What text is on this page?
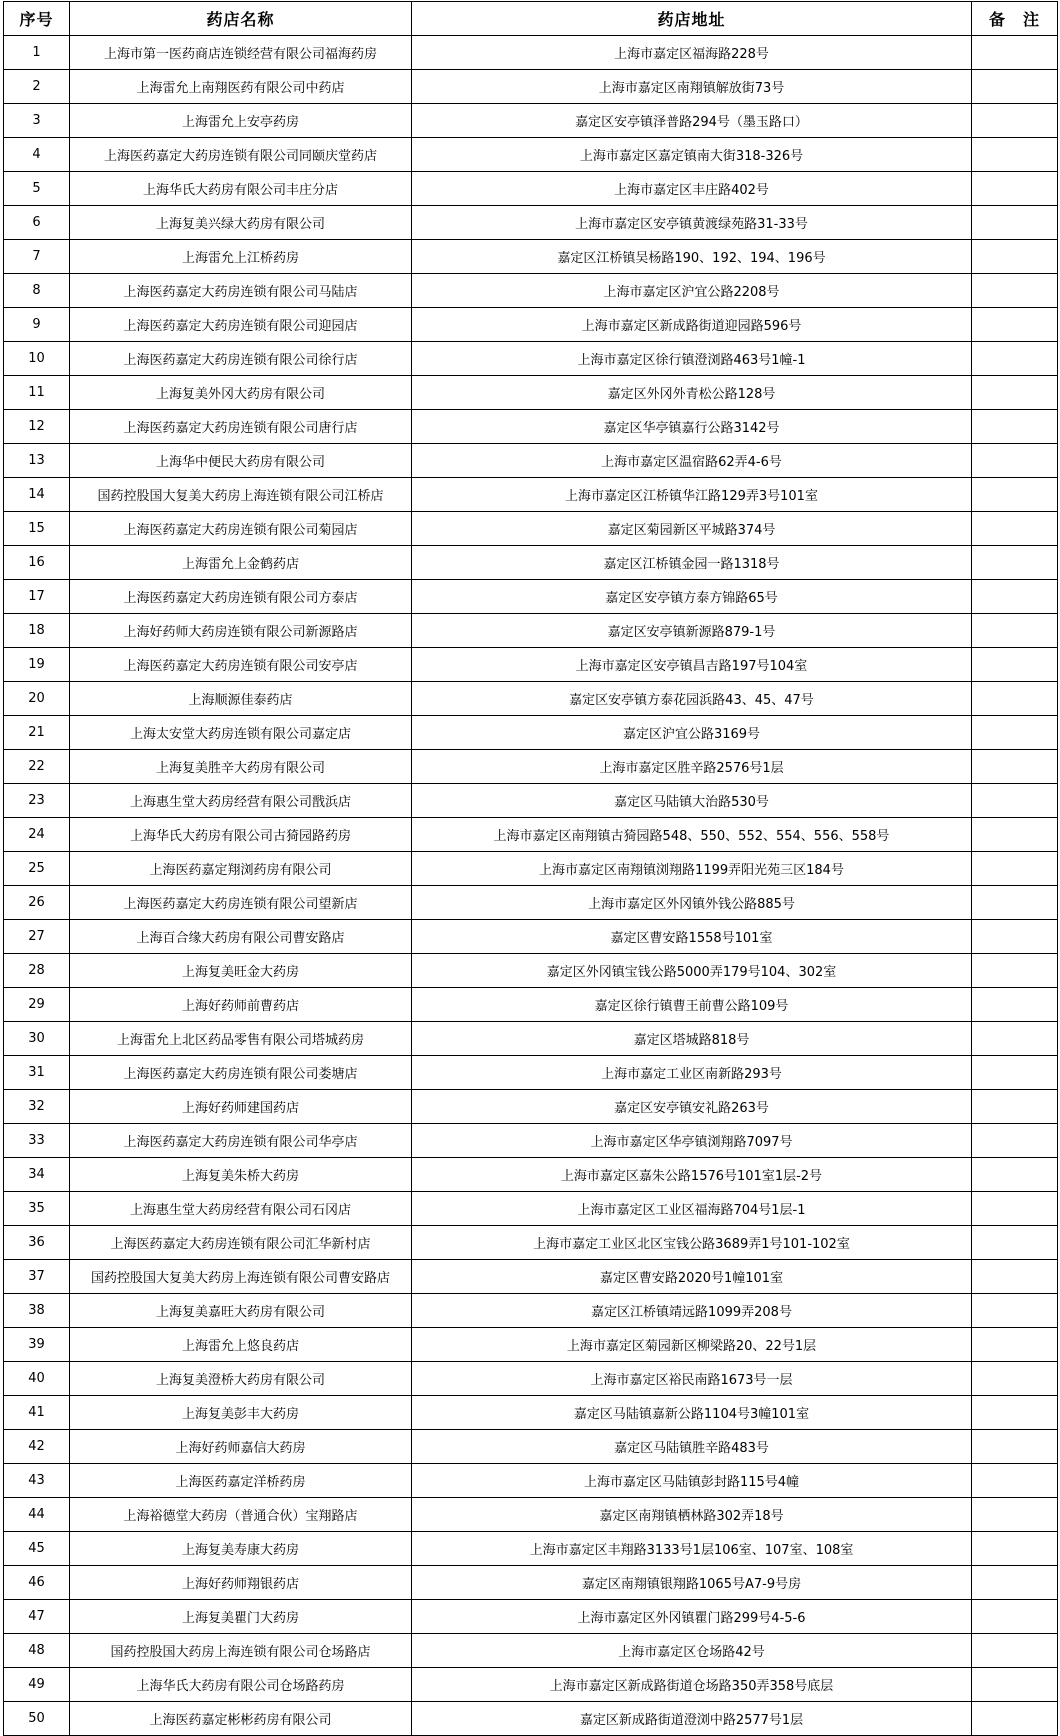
序号	药店名称	药店地址	备　注
1	上海市第一医药商店连锁经营有限公司福海药房	上海市嘉定区福海路228号	
2	上海雷允上南翔医药有限公司中药店	上海市嘉定区南翔镇解放街73号	
3	上海雷允上安亭药房	嘉定区安亭镇泽普路294号（墨玉路口）	
4	上海医药嘉定大药房连锁有限公司同颐庆堂药店	上海市嘉定区嘉定镇南大街318-326号	
5	上海华氏大药房有限公司丰庄分店	上海市嘉定区丰庄路402号	
6	上海复美兴绿大药房有限公司	上海市嘉定区安亭镇黄渡绿苑路31-33号	
7	上海雷允上江桥药房	嘉定区江桥镇吴杨路190、192、194、196号	
8	上海医药嘉定大药房连锁有限公司马陆店	上海市嘉定区沪宜公路2208号	
9	上海医药嘉定大药房连锁有限公司迎园店	上海市嘉定区新成路街道迎园路596号	
10	上海医药嘉定大药房连锁有限公司徐行店	上海市嘉定区徐行镇澄浏路463号1幢-1	
11	上海复美外冈大药房有限公司	嘉定区外冈外青松公路128号	
12	上海医药嘉定大药房连锁有限公司唐行店	嘉定区华亭镇嘉行公路3142号	
13	上海华中便民大药房有限公司	上海市嘉定区温宿路62弄4-6号	
14	国药控股国大复美大药房上海连锁有限公司江桥店	上海市嘉定区江桥镇华江路129弄3号101室	
15	上海医药嘉定大药房连锁有限公司菊园店	嘉定区菊园新区平城路374号	
16	上海雷允上金鹤药店	嘉定区江桥镇金园一路1318号	
17	上海医药嘉定大药房连锁有限公司方泰店	嘉定区安亭镇方泰方锦路65号	
18	上海好药师大药房连锁有限公司新源路店	嘉定区安亭镇新源路879-1号	
19	上海医药嘉定大药房连锁有限公司安亭店	上海市嘉定区安亭镇昌吉路197号104室	
20	上海顺源佳泰药店	嘉定区安亭镇方泰花园浜路43、45、47号	
21	上海太安堂大药房连锁有限公司嘉定店	嘉定区沪宜公路3169号	
22	上海复美胜辛大药房有限公司	上海市嘉定区胜辛路2576号1层	
23	上海惠生堂大药房经营有限公司戬浜店	嘉定区马陆镇大治路530号	
24	上海华氏大药房有限公司古猗园路药房	上海市嘉定区南翔镇古猗园路548、550、552、554、556、558号	
25	上海医药嘉定翔浏药房有限公司	上海市嘉定区南翔镇浏翔路1199弄阳光苑三区184号	
26	上海医药嘉定大药房连锁有限公司望新店	上海市嘉定区外冈镇外钱公路885号	
27	上海百合缘大药房有限公司曹安路店	嘉定区曹安路1558号101室	
28	上海复美旺金大药房	嘉定区外冈镇宝钱公路5000弄179号104、302室	
29	上海好药师前曹药店	嘉定区徐行镇曹王前曹公路109号	
30	上海雷允上北区药品零售有限公司塔城药房	嘉定区塔城路818号	
31	上海医药嘉定大药房连锁有限公司娄塘店	上海市嘉定工业区南新路293号	
32	上海好药师建国药店	嘉定区安亭镇安礼路263号	
33	上海医药嘉定大药房连锁有限公司华亭店	上海市嘉定区华亭镇浏翔路7097号	
34	上海复美朱桥大药房	上海市嘉定区嘉朱公路1576号101室1层-2号	
35	上海惠生堂大药房经营有限公司石冈店	上海市嘉定区工业区福海路704号1层-1	
36	上海医药嘉定大药房连锁有限公司汇华新村店	上海市嘉定工业区北区宝钱公路3689弄1号101-102室	
37	国药控股国大复美大药房上海连锁有限公司曹安路店	嘉定区曹安路2020号1幢101室	
38	上海复美嘉旺大药房有限公司	嘉定区江桥镇靖远路1099弄208号	
39	上海雷允上悠良药店	上海市嘉定区菊园新区柳梁路20、22号1层	
40	上海复美澄桥大药房有限公司	上海市嘉定区裕民南路1673号一层	
41	上海复美彭丰大药房	嘉定区马陆镇嘉新公路1104号3幢101室	
42	上海好药师嘉信大药房	嘉定区马陆镇胜辛路483号	
43	上海医药嘉定洋桥药房	上海市嘉定区马陆镇彭封路115号4幢	
44	上海裕德堂大药房（普通合伙）宝翔路店	嘉定区南翔镇栖林路302弄18号	
45	上海复美寿康大药房	上海市嘉定区丰翔路3133号1层106室、107室、108室	
46	上海好药师翔银药店	嘉定区南翔镇银翔路1065号A7-9号房	
47	上海复美瞿门大药房	上海市嘉定区外冈镇瞿门路299号4-5-6	
48	国药控股国大药房上海连锁有限公司仓场路店	上海市嘉定区仓场路42号	
49	上海华氏大药房有限公司仓场路药房	上海市嘉定区新成路街道仓场路350弄358号底层	
50	上海医药嘉定彬彬药房有限公司	嘉定区新成路街道澄浏中路2577号1层	
